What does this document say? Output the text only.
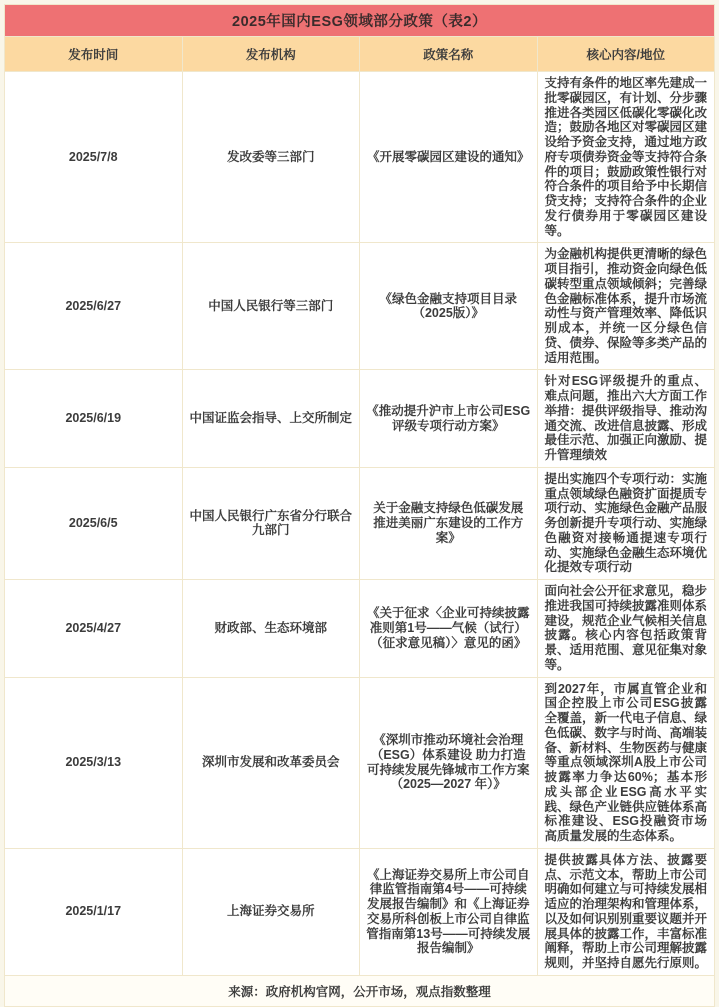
2025年国内ESG领域部分政策（表2）			
发布时间	发布机构	政策名称	核心内容/地位
2025/7/8	发改委等三部门	《开展零碳园区建设的通知》	支持有条件的地区率先建成一批零碳园区，有计划、分步骤推进各类园区低碳化零碳化改造；鼓励各地区对零碳园区建设给予资金支持，通过地方政府专项债券资金等支持符合条件的项目；鼓励政策性银行对符合条件的项目给予中长期信贷支持；支持符合条件的企业发行债券用于零碳园区建设等。
2025/6/27	中国人民银行等三部门	《绿色金融支持项目目录（2025版）》	为金融机构提供更清晰的绿色项目指引，推动资金向绿色低碳转型重点领域倾斜；完善绿色金融标准体系，提升市场流动性与资产管理效率、降低识别成本，并统一区分绿色信贷、债券、保险等多类产品的适用范围。
2025/6/19	中国证监会指导、上交所制定	《推动提升沪市上市公司ESG评级专项行动方案》	针对ESG评级提升的重点、难点问题，推出六大方面工作举措：提供评级指导、推动沟通交流、改进信息披露、形成最佳示范、加强正向激励、提升管理绩效
2025/6/5	中国人民银行广东省分行联合九部门	关于金融支持绿色低碳发展 推进美丽广东建设的工作方案》	提出实施四个专项行动：实施重点领域绿色融资扩面提质专项行动、实施绿色金融产品服务创新提升专项行动、实施绿色融资对接畅通提速专项行动、实施绿色金融生态环境优化提效专项行动
2025/4/27	财政部、生态环境部	《关于征求〈企业可持续披露准则第1号——气候（试行）（征求意见稿）〉意见的函》	面向社会公开征求意见，稳步推进我国可持续披露准则体系建设，规范企业气候相关信息披露。核心内容包括政策背景、适用范围、意见征集对象等。
2025/3/13	深圳市发展和改革委员会	《深圳市推动环境社会治理（ESG）体系建设 助力打造可持续发展先锋城市工作方案（2025—2027 年）》	到2027年，市属直管企业和国企控股上市公司ESG披露全覆盖，新一代电子信息、绿色低碳、数字与时尚、高端装备、新材料、生物医药与健康等重点领域深圳A股上市公司披露率力争达60%；基本形成头部企业ESG高水平实践、绿色产业链供应链体系高标准建设、ESG投融资市场高质量发展的生态体系。
2025/1/17	上海证券交易所	《上海证券交易所上市公司自律监管指南第4号——可持续发展报告编制》和《上海证券交易所科创板上市公司自律监管指南第13号——可持续发展报告编制》	提供披露具体方法、披露要点、示范文本，帮助上市公司明确如何建立与可持续发展相适应的治理架构和管理体系，以及如何识别别重要议题并开展具体的披露工作，丰富标准阐释，帮助上市公司理解披露规则，并坚持自愿先行原则。
来源：政府机构官网，公开市场，观点指数整理			
